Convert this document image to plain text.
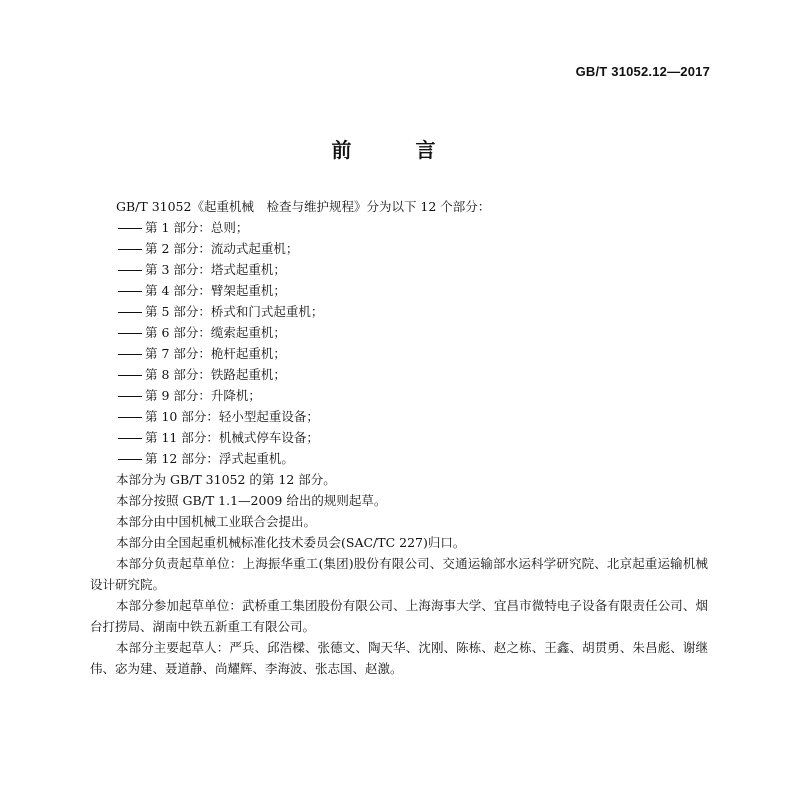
GB/T 31052.12—2017
前　言
GB/T 31052《起重机械　检查与维护规程》分为以下 12 个部分：
第 1 部分：总则；
第 2 部分：流动式起重机；
第 3 部分：塔式起重机；
第 4 部分：臂架起重机；
第 5 部分：桥式和门式起重机；
第 6 部分：缆索起重机；
第 7 部分：桅杆起重机；
第 8 部分：铁路起重机；
第 9 部分：升降机；
第 10 部分：轻小型起重设备；
第 11 部分：机械式停车设备；
第 12 部分：浮式起重机。
本部分为 GB/T 31052 的第 12 部分。
本部分按照 GB/T 1.1—2009 给出的规则起草。
本部分由中国机械工业联合会提出。
本部分由全国起重机械标准化技术委员会(SAC/TC 227)归口。
本部分负责起草单位：上海振华重工(集团)股份有限公司、交通运输部水运科学研究院、北京起重运输机械设计研究院。
本部分参加起草单位：武桥重工集团股份有限公司、上海海事大学、宜昌市微特电子设备有限责任公司、烟台打捞局、湖南中铁五新重工有限公司。
本部分主要起草人：严兵、邱浩樑、张德文、陶天华、沈刚、陈栋、赵之栋、王鑫、胡贯勇、朱昌彪、谢继伟、宓为建、聂道静、尚耀辉、李海波、张志国、赵激。
